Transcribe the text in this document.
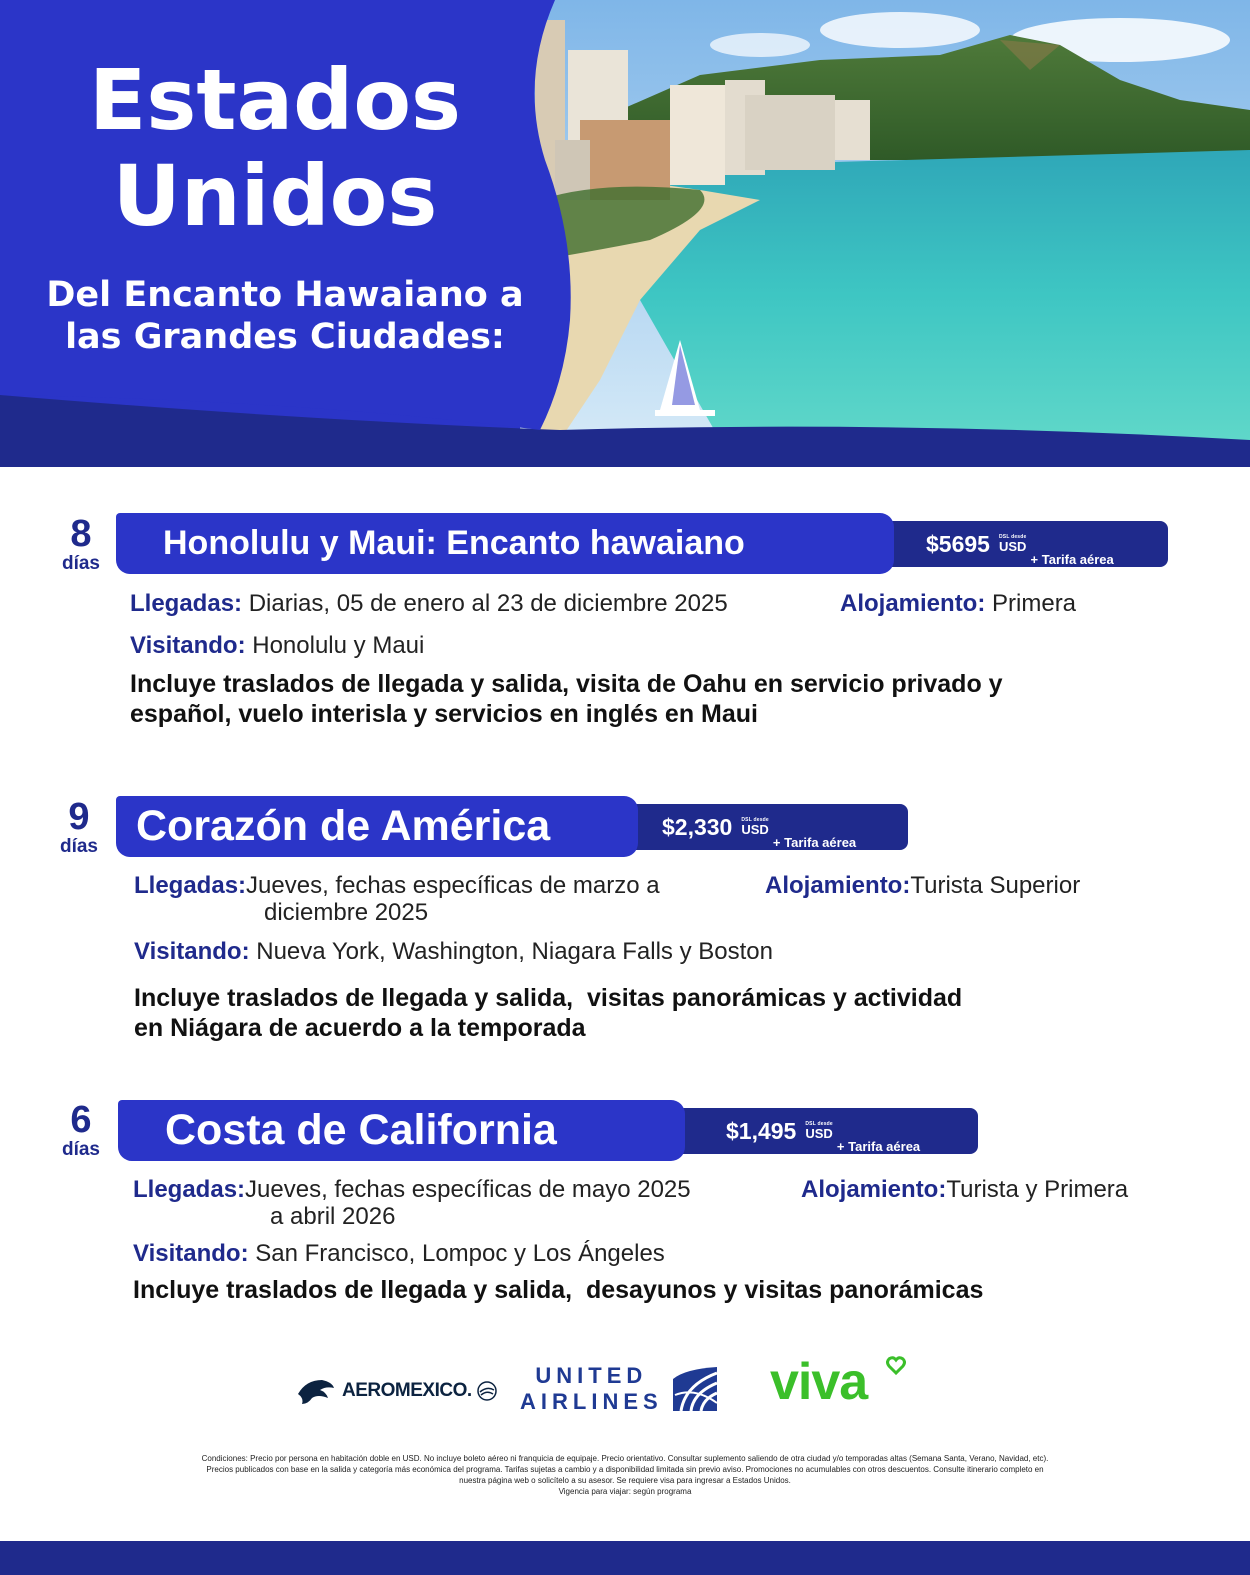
Estados
Unidos
Del Encanto Hawaiano a
las Grandes Ciudades:
8
días
$5695 DSL desde
USD
+ Tarifa aérea
Honolulu y Maui: Encanto hawaiano
Llegadas: Diarias, 05 de enero al 23 de diciembre 2025	Alojamiento: Primera
Visitando: Honolulu y Maui
Incluye traslados de llegada y salida, visita de Oahu en servicio privado y
español, vuelo interisla y servicios en inglés en Maui
9
días
$2,330 DSL desde
USD
+ Tarifa aérea
Corazón de América
Llegadas:Jueves, fechas específicas de marzo a
diciembre 2025
Alojamiento:Turista Superior
Visitando: Nueva York, Washington, Niagara Falls y Boston
Incluye traslados de llegada y salida,  visitas panorámicas y actividad
en Niágara de acuerdo a la temporada
6
días
$1,495 DSL desde
USD
+ Tarifa aérea
Costa de California
Llegadas:Jueves, fechas específicas de mayo 2025
a abril 2026
Alojamiento:Turista y Primera
Visitando: San Francisco, Lompoc y Los Ángeles
Incluye traslados de llegada y salida,  desayunos y visitas panorámicas
AEROMEXICO.
UNITED
AIRLINES viva
Condiciones: Precio por persona en habitación doble en USD. No incluye boleto aéreo ni franquicia de equipaje. Precio orientativo. Consultar suplemento saliendo de otra ciudad y/o temporadas altas (Semana Santa, Verano, Navidad, etc).
Precios publicados con base en la salida y categoría más económica del programa. Tarifas sujetas a cambio y a disponibilidad limitada sin previo aviso. Promociones no acumulables con otros descuentos. Consulte itinerario completo en
nuestra página web o solicítelo a su asesor. Se requiere visa para ingresar a Estados Unidos.
Vigencia para viajar: según programa
